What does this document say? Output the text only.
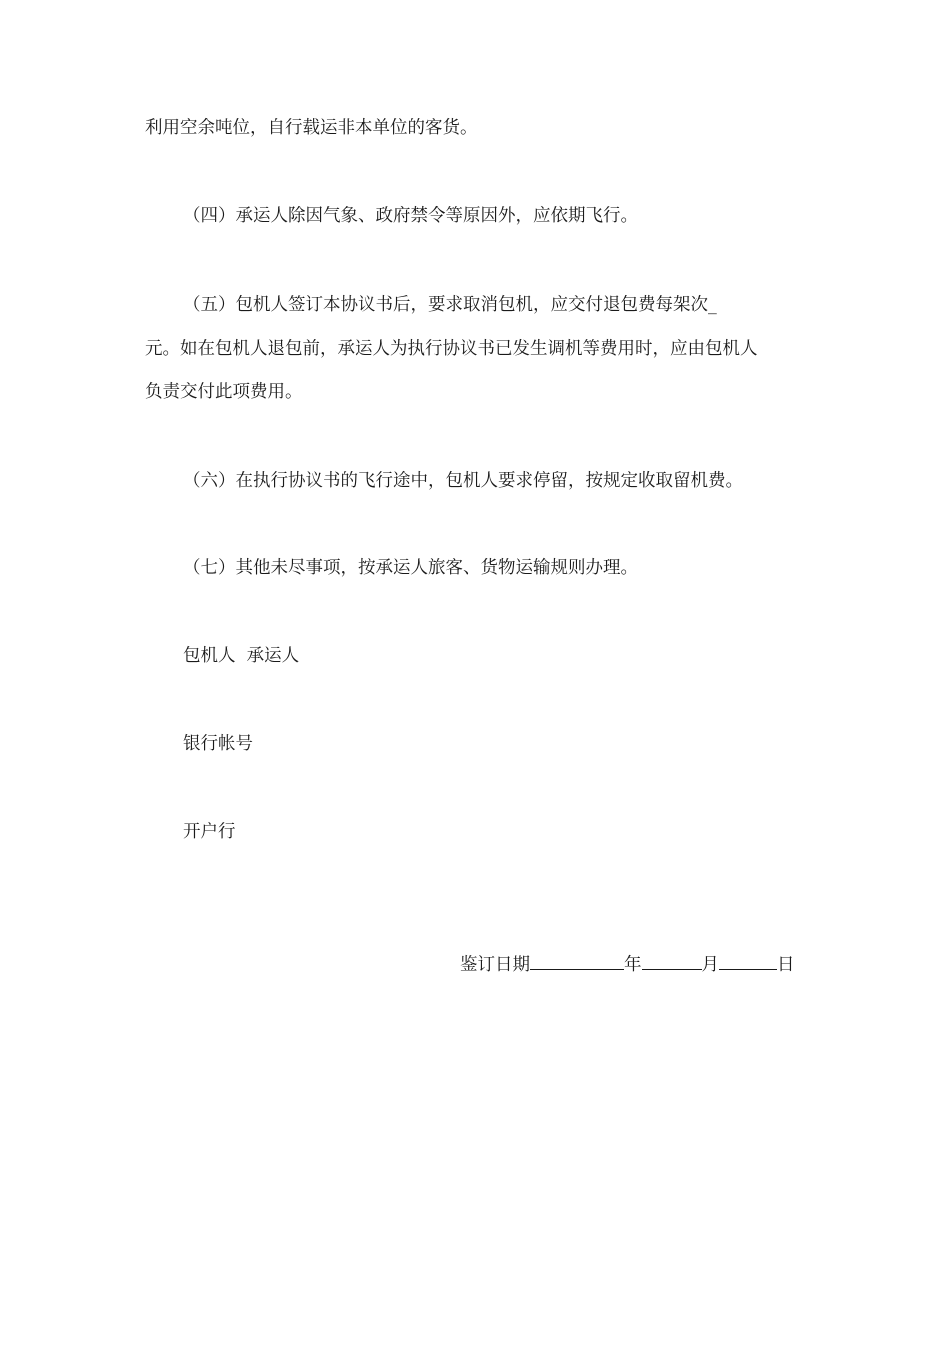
利用空余吨位，自行载运非本单位的客货。
（四）承运人除因气象、政府禁令等原因外，应依期飞行。
（五）包机人签订本协议书后，要求取消包机，应交付退包费每架次_
元。如在包机人退包前，承运人为执行协议书已发生调机等费用时，应由包机人
负责交付此项费用。
（六）在执行协议书的飞行途中，包机人要求停留，按规定收取留机费。
（七）其他未尽事项，按承运人旅客、货物运输规则办理。
包机人  承运人
银行帐号
开户行
鉴订日期	年	月	日
